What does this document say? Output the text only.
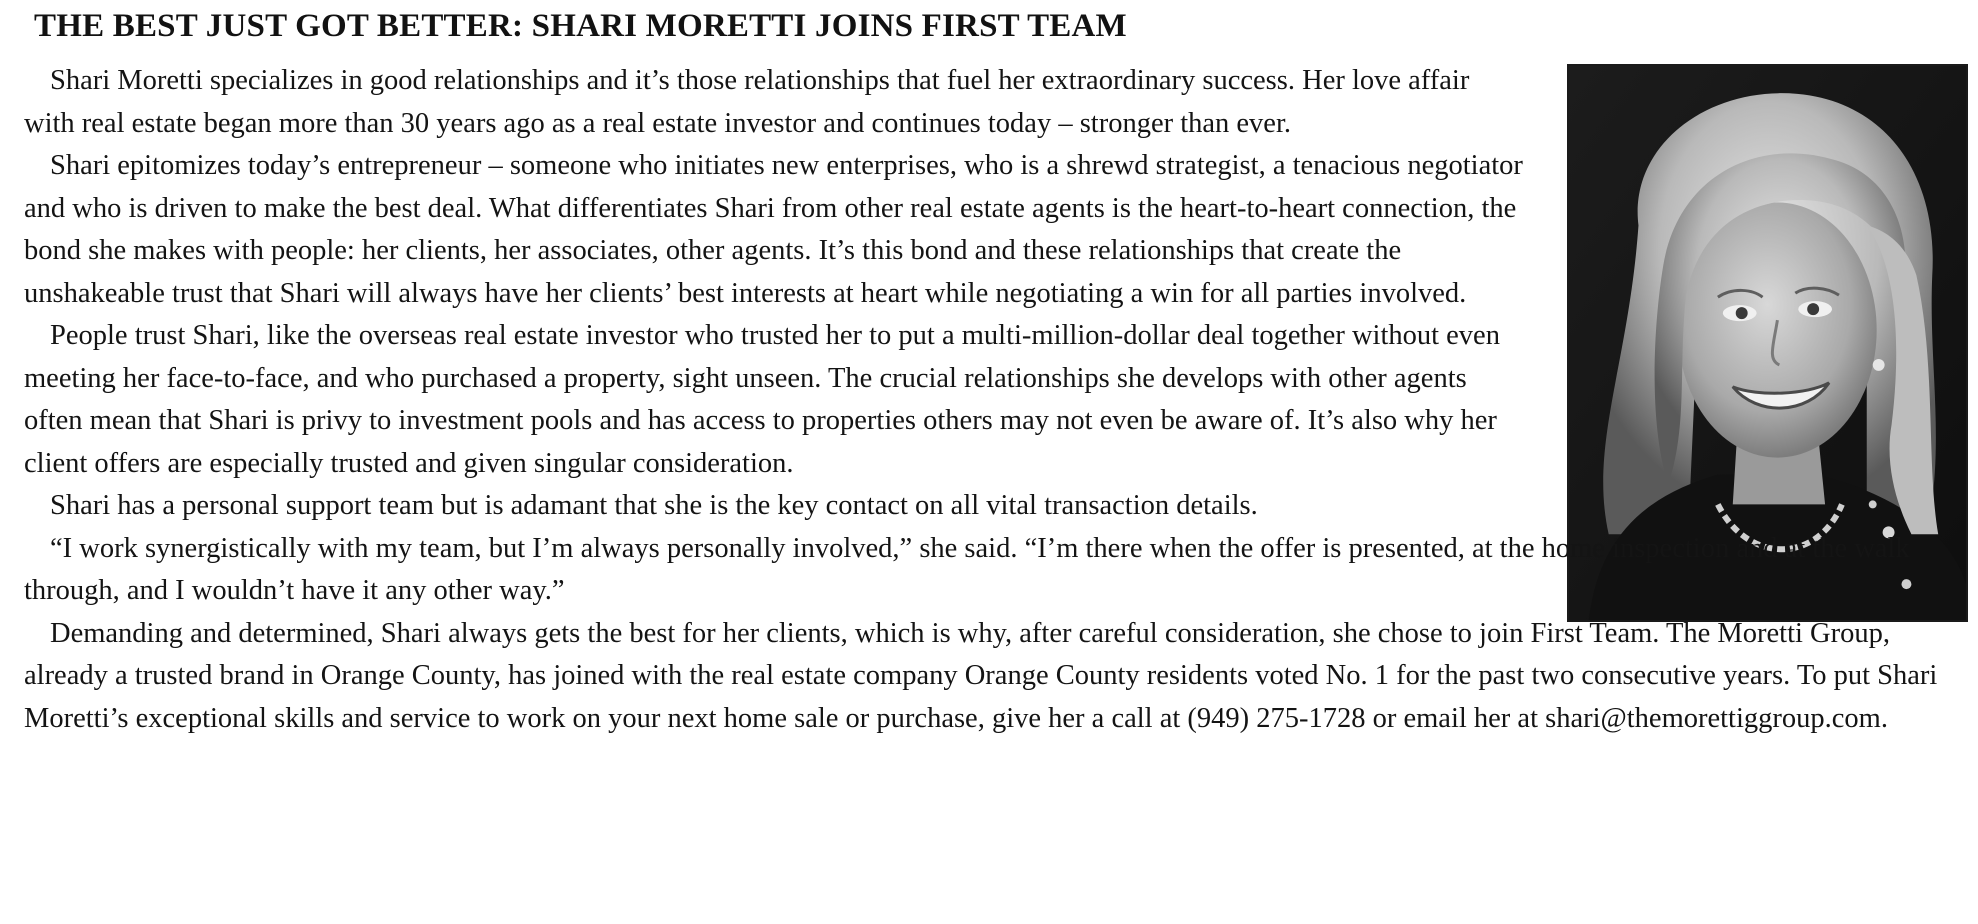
THE BEST JUST GOT BETTER: SHARI MORETTI JOINS FIRST TEAM

Shari Moretti specializes in good relationships and it’s those relationships that fuel her extraordinary success. Her love affair with real estate began more than 30 years ago as a real estate investor and continues today – stronger than ever.

Shari epitomizes today’s entrepreneur – someone who initiates new enterprises, who is a shrewd strategist, a tenacious negotiator and who is driven to make the best deal. What differentiates Shari from other real estate agents is the heart-to-heart connection, the bond she makes with people: her clients, her associates, other agents. It’s this bond and these relationships that create the unshakeable trust that Shari will always have her clients’ best interests at heart while negotiating a win for all parties involved.

People trust Shari, like the overseas real estate investor who trusted her to put a multi-million-dollar deal together without even meeting her face-to-face, and who purchased a property, sight unseen. The crucial relationships she develops with other agents often mean that Shari is privy to investment pools and has access to properties others may not even be aware of. It’s also why her client offers are especially trusted and given singular consideration.

Shari has a personal support team but is adamant that she is the key contact on all vital transaction details.

“I work synergistically with my team, but I’m always personally involved,” she said. “I’m there when the offer is presented, at the home inspection and at the walk through, and I wouldn’t have it any other way.”

Demanding and determined, Shari always gets the best for her clients, which is why, after careful consideration, she chose to join First Team. The Moretti Group, already a trusted brand in Orange County, has joined with the real estate company Orange County residents voted No. 1 for the past two consecutive years. To put Shari Moretti’s exceptional skills and service to work on your next home sale or purchase, give her a call at (949) 275-1728 or email her at shari@themorettiggroup.com.
